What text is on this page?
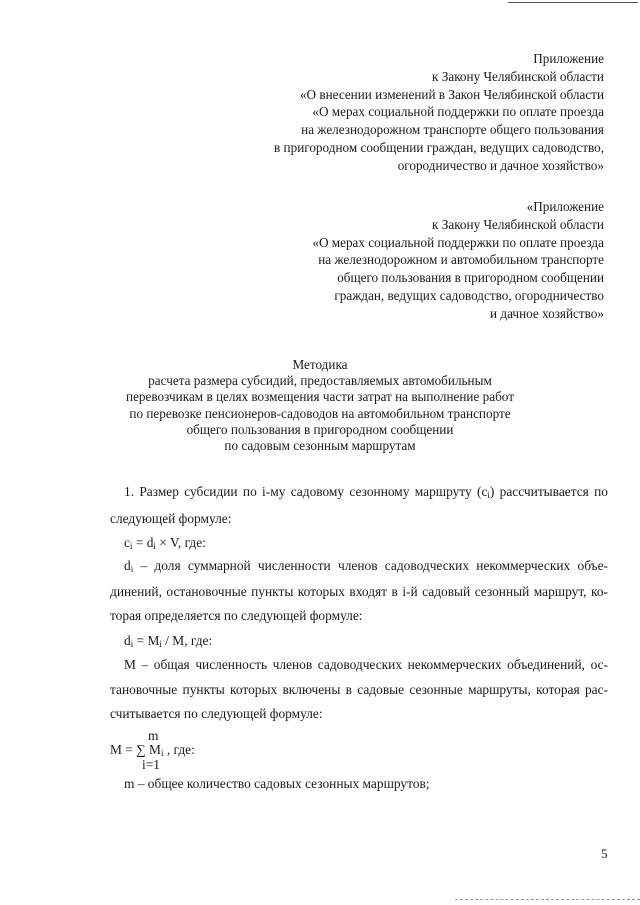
Приложение
к Закону Челябинской области
«О внесении изменений в Закон Челябинской области
«О мерах социальной поддержки по оплате проезда
на железнодорожном транспорте общего пользования
в пригородном сообщении граждан, ведущих садоводство,
огородничество и дачное хозяйство»
«Приложение
к Закону Челябинской области
«О мерах социальной поддержки по оплате проезда
на железнодорожном и автомобильном транспорте
общего пользования в пригородном сообщении
граждан, ведущих садоводство, огородничество
и дачное хозяйство»
Методика
расчета размера субсидий, предоставляемых автомобильным
перевозчикам в целях возмещения части затрат на выполнение работ
по перевозке пенсионеров-садоводов на автомобильном транспорте
общего пользования в пригородном сообщении
по садовым сезонным маршрутам
1. Размер субсидии по i-му садовому сезонному маршруту $(c_i)$ рассчитывается по
следующей формуле:
$c_i = d_i \times V$, где:
$d_i$ – доля суммарной численности членов садоводческих некоммерческих объе-
динений, остановочные пункты которых входят в i-й садовый сезонный маршрут, ко-
торая определяется по следующей формуле:
$d_i = M_i / M$, где:
M – общая численность членов садоводческих некоммерческих объединений, ос-
тановочные пункты которых включены в садовые сезонные маршруты, которая рас-
считывается по следующей формуле:
m
M = ∑ $M_i$ , где:
i=1
m – общее количество садовых сезонных маршрутов;
5
